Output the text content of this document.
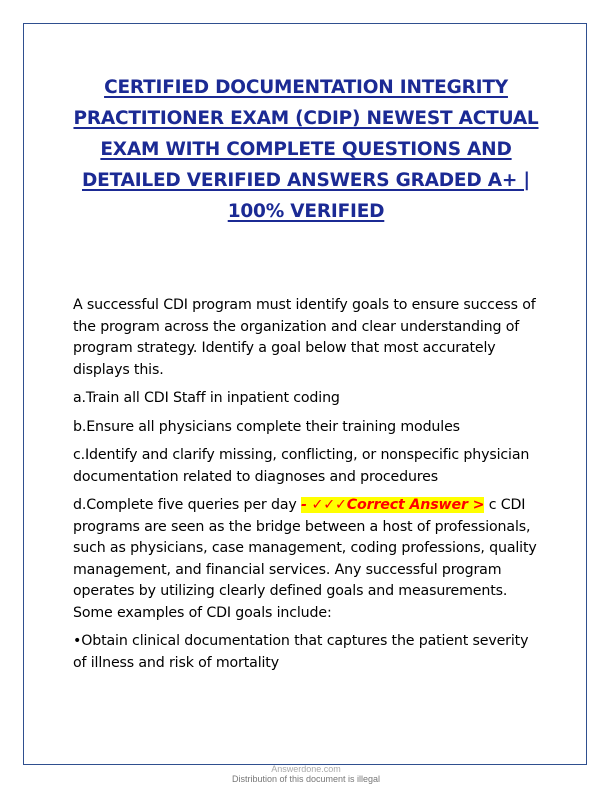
CERTIFIED DOCUMENTATION INTEGRITY PRACTITIONER EXAM (CDIP) NEWEST ACTUAL EXAM WITH COMPLETE QUESTIONS AND DETAILED VERIFIED ANSWERS GRADED A+ | 100% VERIFIED

A successful CDI program must identify goals to ensure success of the program across the organization and clear understanding of program strategy. Identify a goal below that most accurately displays this.

a.Train all CDI Staff in inpatient coding

b.Ensure all physicians complete their training modules

c.Identify and clarify missing, conflicting, or nonspecific physician documentation related to diagnoses and procedures

d.Complete five queries per day - ✓✓✓Correct Answer > c CDI programs are seen as the bridge between a host of professionals, such as physicians, case management, coding professions, quality management, and financial services. Any successful program operates by utilizing clearly defined goals and measurements. Some examples of CDI goals include:

•Obtain clinical documentation that captures the patient severity of illness and risk of mortality

Answerdone.com
Distribution of this document is illegal
